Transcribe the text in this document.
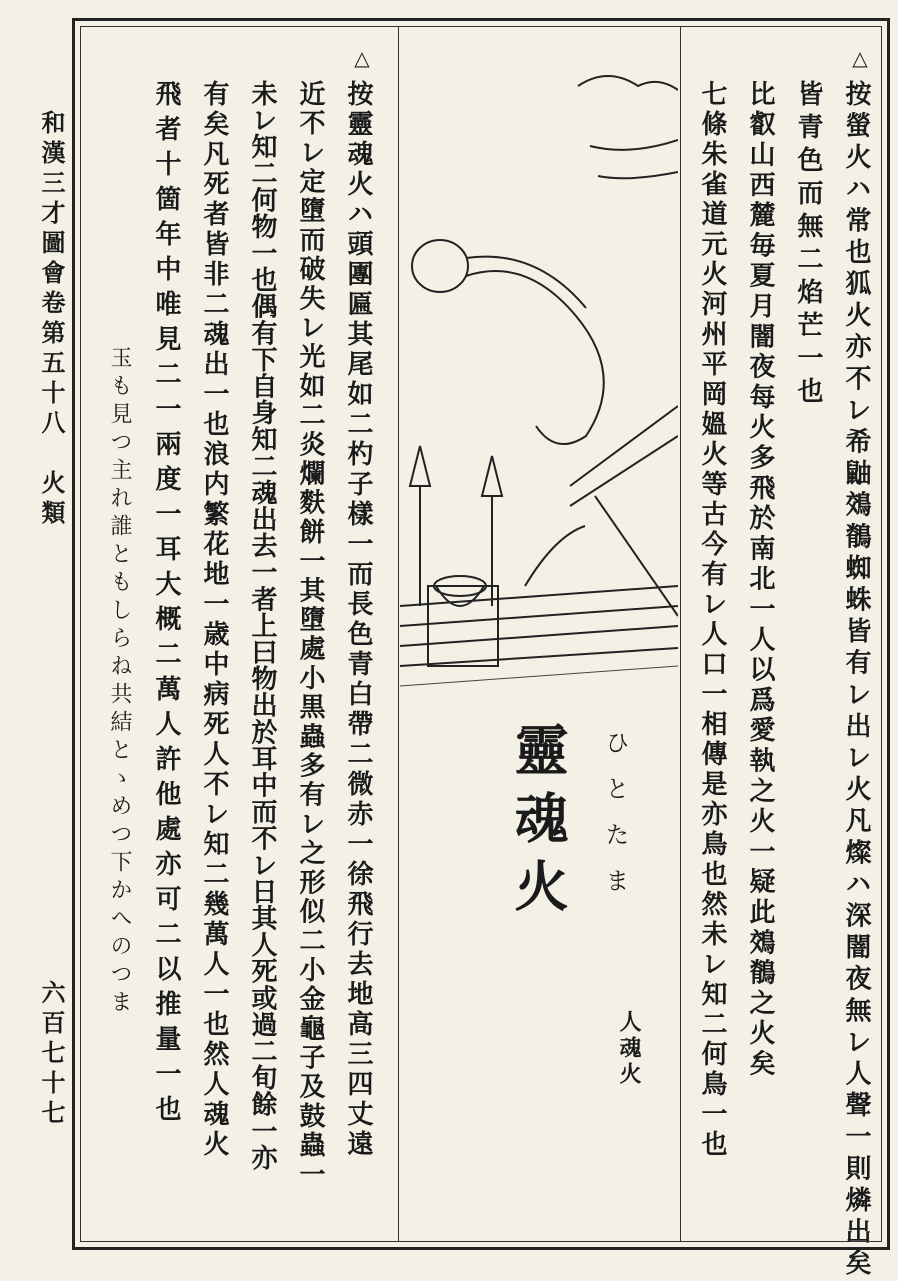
和漢三才圖會卷第五十八　火類
六百七十七
△
按螢火ハ常也狐火亦不レ希鼬鵁鶺蜘蛛皆有レ出レ火凡燦ハ深闇夜無レ人聲一則燐出矣
皆青色而無二焰芒一也
比叡山西麓毎夏月闇夜每火多飛於南北一人以爲愛執之火一疑此鵁鶺之火矣
七條朱雀道元火河州平岡媼火等古今有レ人口一相傳是亦鳥也然未レ知二何鳥一也
靈魂火 ひとたま
人魂火
△
按靈魂火ハ頭團匾其尾如二杓子樣一而長色青白帶二微赤一徐飛行去地高三四丈遠
近不レ定墮而破失レ光如二炎爛麩餅一其墮處小黒蟲多有レ之形似二小金龜子及鼓蟲一
未レ知二何物一也偶有下自身知二魂出去一者上曰物出於耳中而不レ日其人死或過二旬餘一亦
有矣凡死者皆非二魂出一也浪内繁花地一歳中病死人不レ知二幾萬人一也然人魂火
飛者十箇年中唯見二一兩度一耳大概二萬人許他處亦可二以推量一也
玉も見つ主れ誰ともしらね共結とゝめつ下かへのつま
